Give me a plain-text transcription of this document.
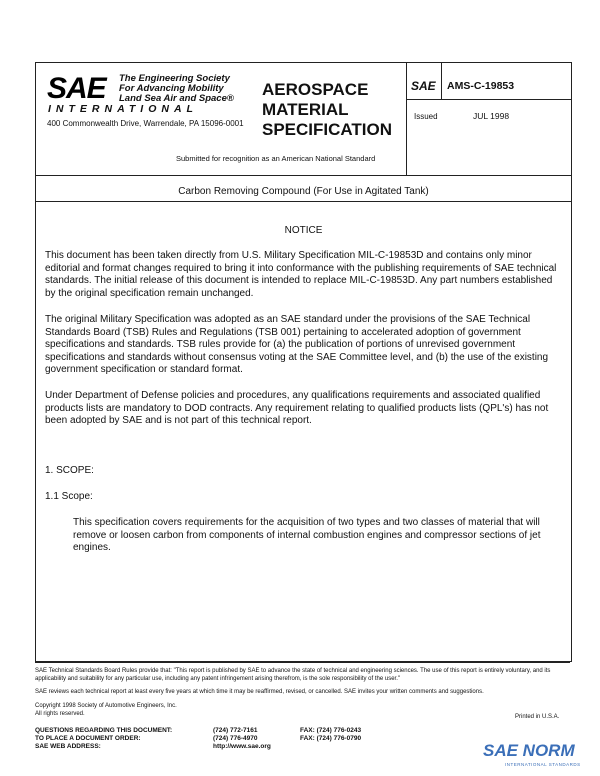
SAE The Engineering Society
For Advancing Mobility
Land Sea Air and Space®
INTERNATIONAL
400 Commonwealth Drive, Warrendale, PA 15096-0001
AEROSPACE
MATERIAL
SPECIFICATION
SAE AMS-C-19853
Issued	JUL 1998
Submitted for recognition as an American National Standard
Carbon Removing Compound (For Use in Agitated Tank)
NOTICE
This document has been taken directly from U.S. Military Specification MIL-C-19853D and contains only minor editorial and format changes required to bring it into conformance with the publishing requirements of SAE technical standards. The initial release of this document is intended to replace MIL-C-19853D. Any part numbers established by the original specification remain unchanged.
The original Military Specification was adopted as an SAE standard under the provisions of the SAE Technical Standards Board (TSB) Rules and Regulations (TSB 001) pertaining to accelerated adoption of government specifications and standards. TSB rules provide for (a) the publication of portions of unrevised government specifications and standards without consensus voting at the SAE Committee level, and (b) the use of the existing government specification or standard format.
Under Department of Defense policies and procedures, any qualifications requirements and associated qualified products lists are mandatory to DOD contracts. Any requirement relating to qualified products lists (QPL's) has not been adopted by SAE and is not part of this technical report.
1. SCOPE:
1.1 Scope:
This specification covers requirements for the acquisition of two types and two classes of material that will remove or loosen carbon from components of internal combustion engines and compressor sections of jet engines.
SAE Technical Standards Board Rules provide that: "This report is published by SAE to advance the state of technical and engineering sciences. The use of this report is entirely voluntary, and its applicability and suitability for any particular use, including any patent infringement arising therefrom, is the sole responsibility of the user."
SAE reviews each technical report at least every five years at which time it may be reaffirmed, revised, or cancelled. SAE invites your written comments and suggestions.
Copyright 1998 Society of Automotive Engineers, Inc.
All rights reserved.	Printed in U.S.A.
QUESTIONS REGARDING THIS DOCUMENT:	(724) 772-7161	FAX: (724) 776-0243
TO PLACE A DOCUMENT ORDER:	(724) 776-4970	FAX: (724) 776-0790
SAE WEB ADDRESS:	http://www.sae.org	SAE NORM
INTERNATIONAL STANDARDS
